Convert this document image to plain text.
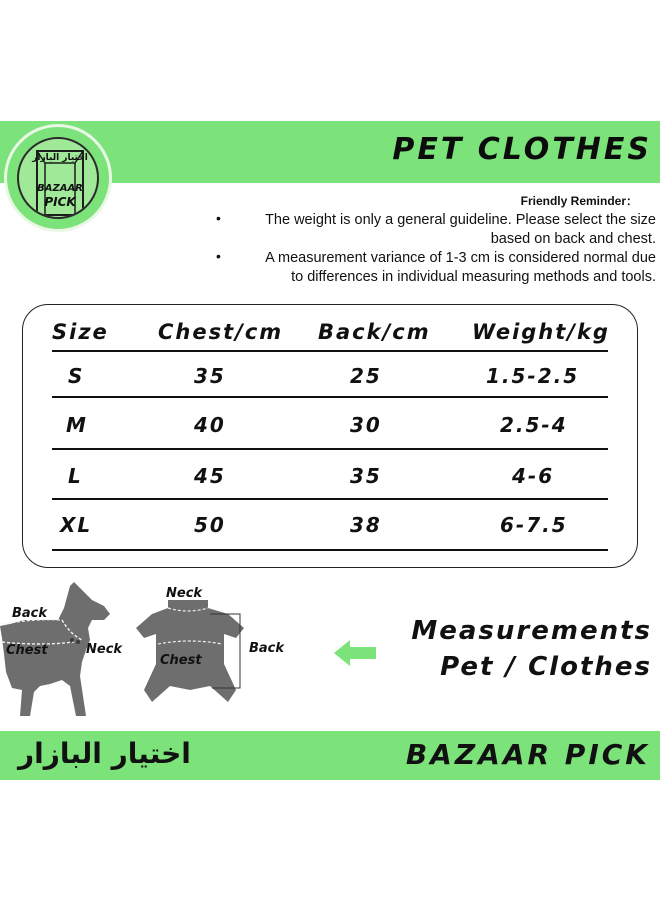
PET CLOTHES
اختيار البازار
BAZAAR
PICK	Friendly Reminder：
•	The weight is only a general guideline. Please select the size
based on back and chest.
•	A measurement variance of 1-3 cm is considered normal due
to differences in individual measuring methods and tools.
Size Chest/cm Back/cm Weight/kg
S	35	25	1.5-2.5
M	40	30	2.5-4
L	45	35	4-6
XL	50	38	6-7.5
Back
Chest	Neck
Neck
Chest
Back
Measurements
Pet / Clothes
اختيار البازار	BAZAAR PICK
